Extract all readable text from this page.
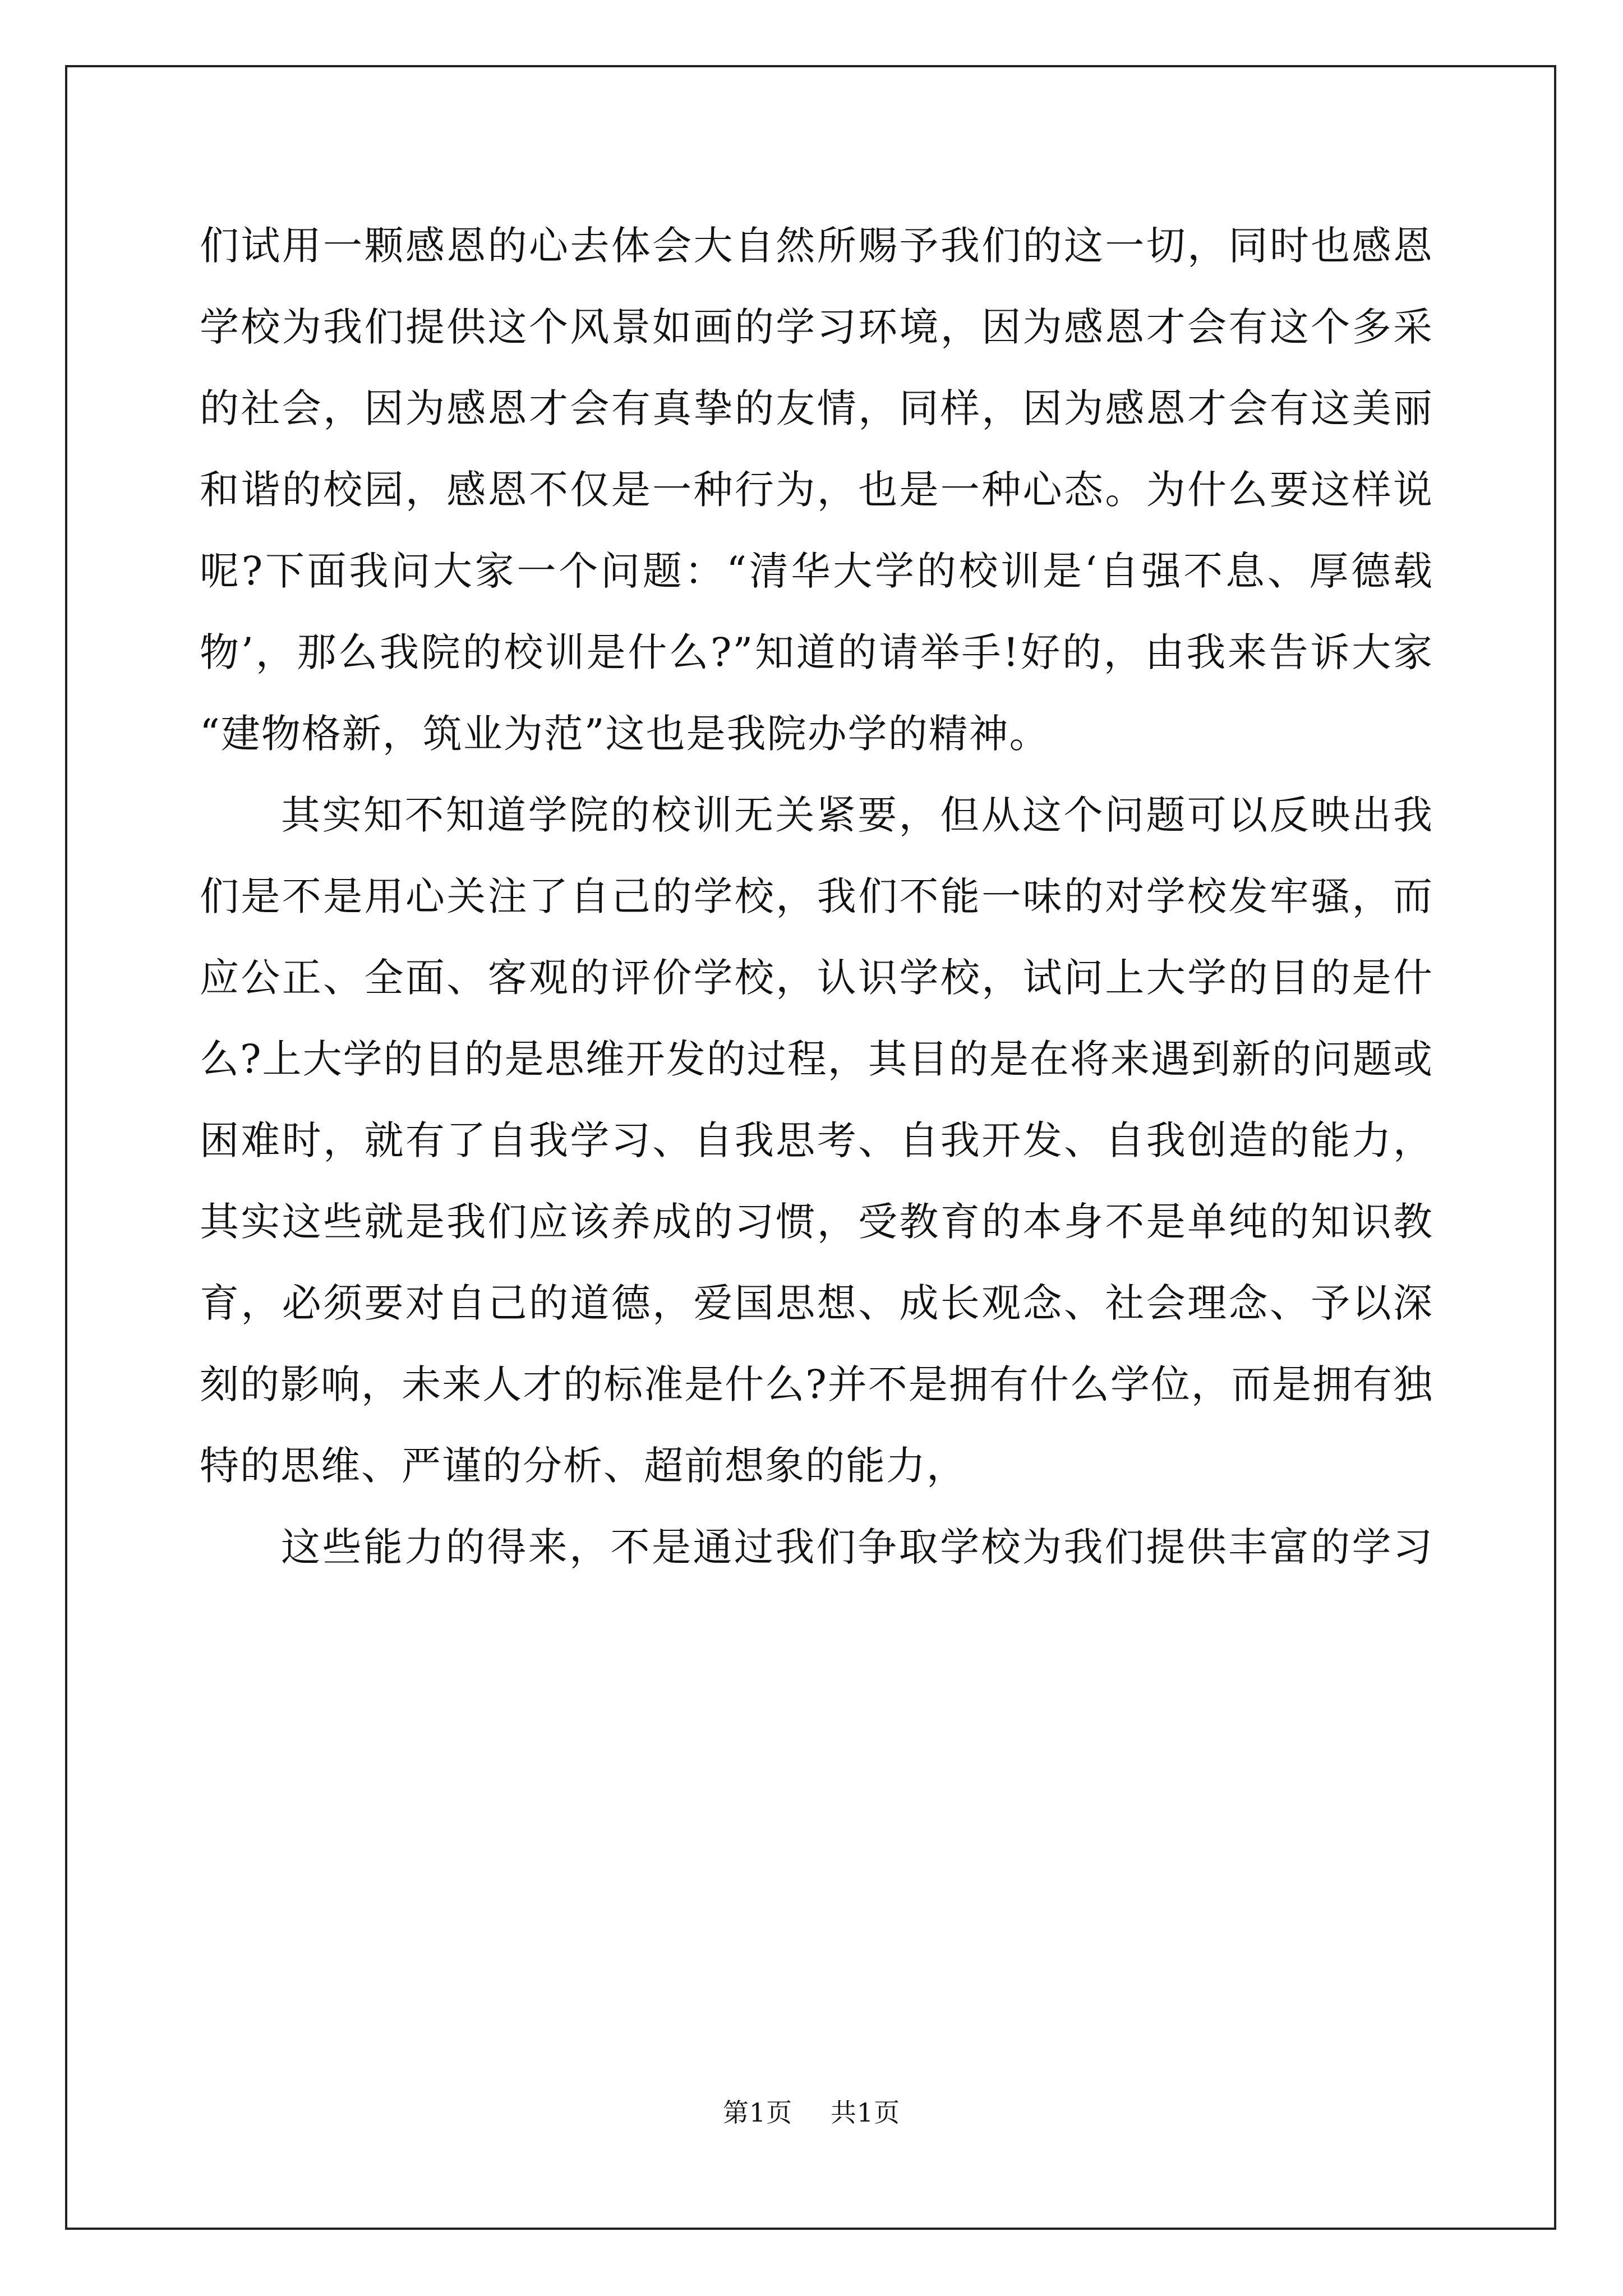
们试用一颗感恩的心去体会大自然所赐予我们的这一切，同时也感恩
学校为我们提供这个风景如画的学习环境，因为感恩才会有这个多采
的社会，因为感恩才会有真挚的友情，同样，因为感恩才会有这美丽
和谐的校园，感恩不仅是一种行为，也是一种心态。为什么要这样说
呢?下面我问大家一个问题：“清华大学的校训是‘自强不息、厚德载
物’，那么我院的校训是什么?”知道的请举手!好的，由我来告诉大家
“建物格新，筑业为范”这也是我院办学的精神。
其实知不知道学院的校训无关紧要，但从这个问题可以反映出我
们是不是用心关注了自己的学校，我们不能一味的对学校发牢骚，而
应公正、全面、客观的评价学校，认识学校，试问上大学的目的是什
么?上大学的目的是思维开发的过程，其目的是在将来遇到新的问题或
困难时，就有了自我学习、自我思考、自我开发、自我创造的能力，
其实这些就是我们应该养成的习惯，受教育的本身不是单纯的知识教
育，必须要对自己的道德，爱国思想、成长观念、社会理念、予以深
刻的影响，未来人才的标准是什么?并不是拥有什么学位，而是拥有独
特的思维、严谨的分析、超前想象的能力，
这些能力的得来，不是通过我们争取学校为我们提供丰富的学习
第1页 共1页
